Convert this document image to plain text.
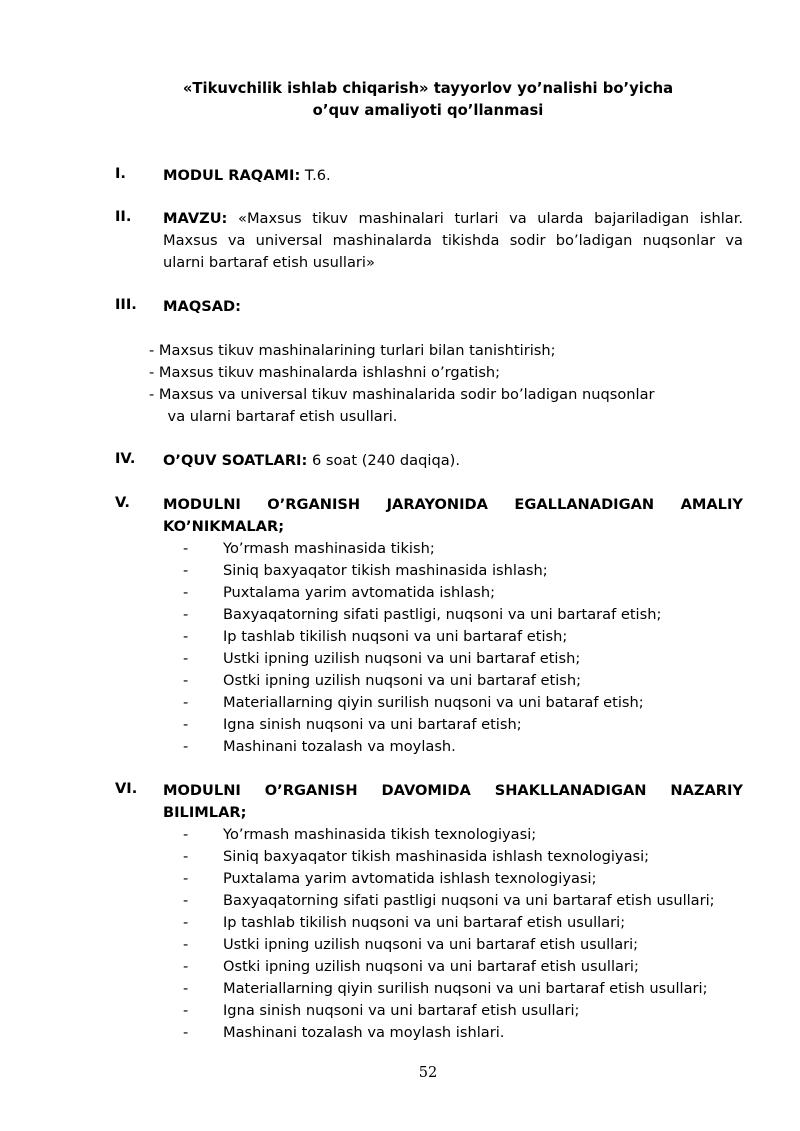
«Tikuvchilik ishlab chiqarish» tayyorlov yo’nalishi bo’yicha
o’quv amaliyoti qo’llanmasi
I.	MODUL RAQAMI: T.6.
II. MAVZU: «Maxsus tikuv mashinalari turlari va ularda bajariladigan ishlar. Maxsus va universal mashinalarda tikishda sodir bo’ladigan nuqsonlar va ularni bartaraf etish usullari»
III. MAQSAD:
- Maxsus tikuv mashinalarining turlari bilan tanishtirish;
- Maxsus tikuv mashinalarda ishlashni o’rgatish;
- Maxsus va universal tikuv mashinalarida sodir bo’ladigan nuqsonlar
va ularni bartaraf etish usullari.
IV. O’QUV SOATLARI: 6 soat (240 daqiqa).
V. MODULNI O’RGANISH JARAYONIDA EGALLANADIGAN AMALIY
KO’NIKMALAR;
-	Yo’rmash mashinasida tikish;
-	Siniq baxyaqator tikish mashinasida ishlash;
-	Puxtalama yarim avtomatida ishlash;
-	Baxyaqatorning sifati pastligi, nuqsoni va uni bartaraf etish;
-	Ip tashlab tikilish nuqsoni va uni bartaraf etish;
-	Ustki ipning uzilish nuqsoni va uni bartaraf etish;
-	Ostki ipning uzilish nuqsoni va uni bartaraf etish;
-	Materiallarning qiyin surilish nuqsoni va uni bataraf etish;
-	Igna sinish nuqsoni va uni bartaraf etish;
-	Mashinani tozalash va moylash.
VI. MODULNI O’RGANISH DAVOMIDA SHAKLLANADIGAN NAZARIY
BILIMLAR;
-	Yo’rmash mashinasida tikish texnologiyasi;
-	Siniq baxyaqator tikish mashinasida ishlash texnologiyasi;
-	Puxtalama yarim avtomatida ishlash texnologiyasi;
-	Baxyaqatorning sifati pastligi nuqsoni va uni bartaraf etish usullari;
-	Ip tashlab tikilish nuqsoni va uni bartaraf etish usullari;
-	Ustki ipning uzilish nuqsoni va uni bartaraf etish usullari;
-	Ostki ipning uzilish nuqsoni va uni bartaraf etish usullari;
-	Materiallarning qiyin surilish nuqsoni va uni bartaraf etish usullari;
-	Igna sinish nuqsoni va uni bartaraf etish usullari;
-	Mashinani tozalash va moylash ishlari.
52
